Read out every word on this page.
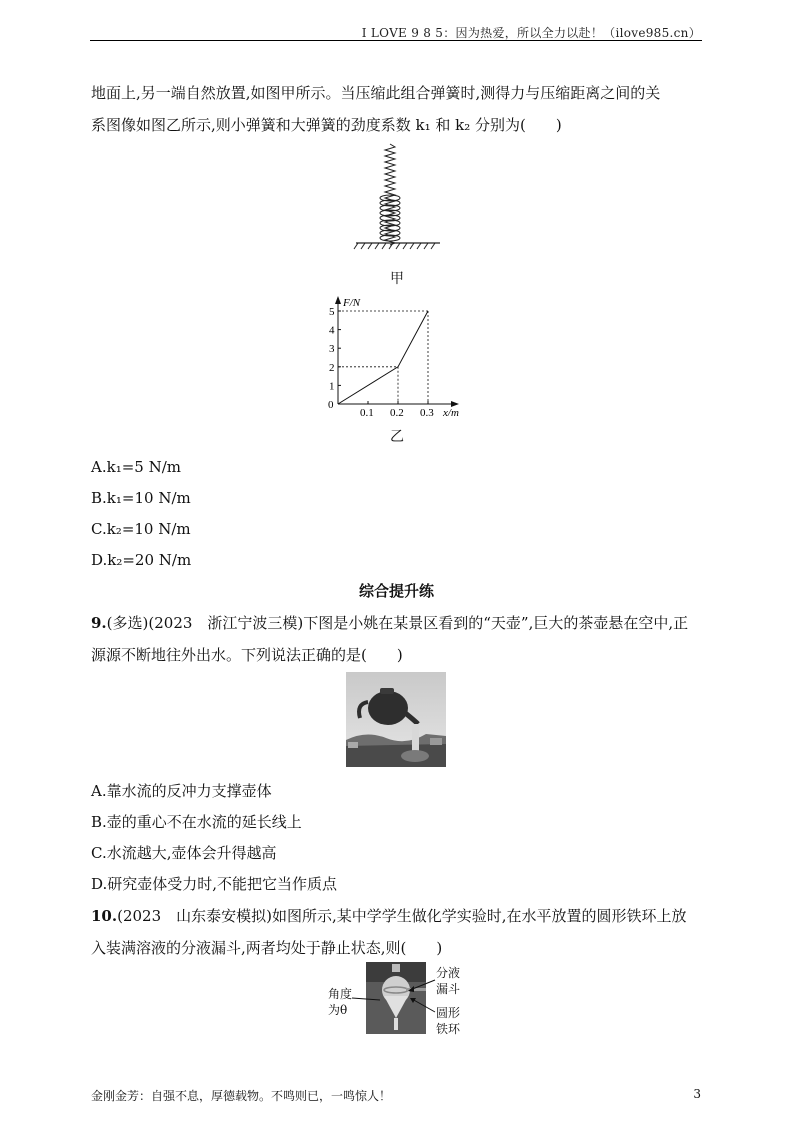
I LOVE 9 8 5：因为热爱，所以全力以赴！（ilove985.cn）
地面上,另一端自然放置,如图甲所示。当压缩此组合弹簧时,测得力与压缩距离之间的关
系图像如图乙所示,则小弹簧和大弹簧的劲度系数 k₁ 和 k₂ 分别为(　　)
甲
F/N
x/m
0
0.1 0.2 0.3
1
2
3
4
5
乙
A.k₁=5 N/m
B.k₁=10 N/m
C.k₂=10 N/m
D.k₂=20 N/m
综合提升练
9.(多选)(2023　浙江宁波三模)下图是小姚在某景区看到的“天壶”,巨大的茶壶悬在空中,正
源源不断地往外出水。下列说法正确的是(　　)
A.靠水流的反冲力支撑壶体
B.壶的重心不在水流的延长线上
C.水流越大,壶体会升得越高
D.研究壶体受力时,不能把它当作质点
10.(2023　山东泰安模拟)如图所示,某中学学生做化学实验时,在水平放置的圆形铁环上放
入装满溶液的分液漏斗,两者均处于静止状态,则(　　)
角度
为θ
分液
漏斗
圆形
铁环
金刚金芳：自强不息，厚德载物。不鸣则已，一鸣惊人！	3
